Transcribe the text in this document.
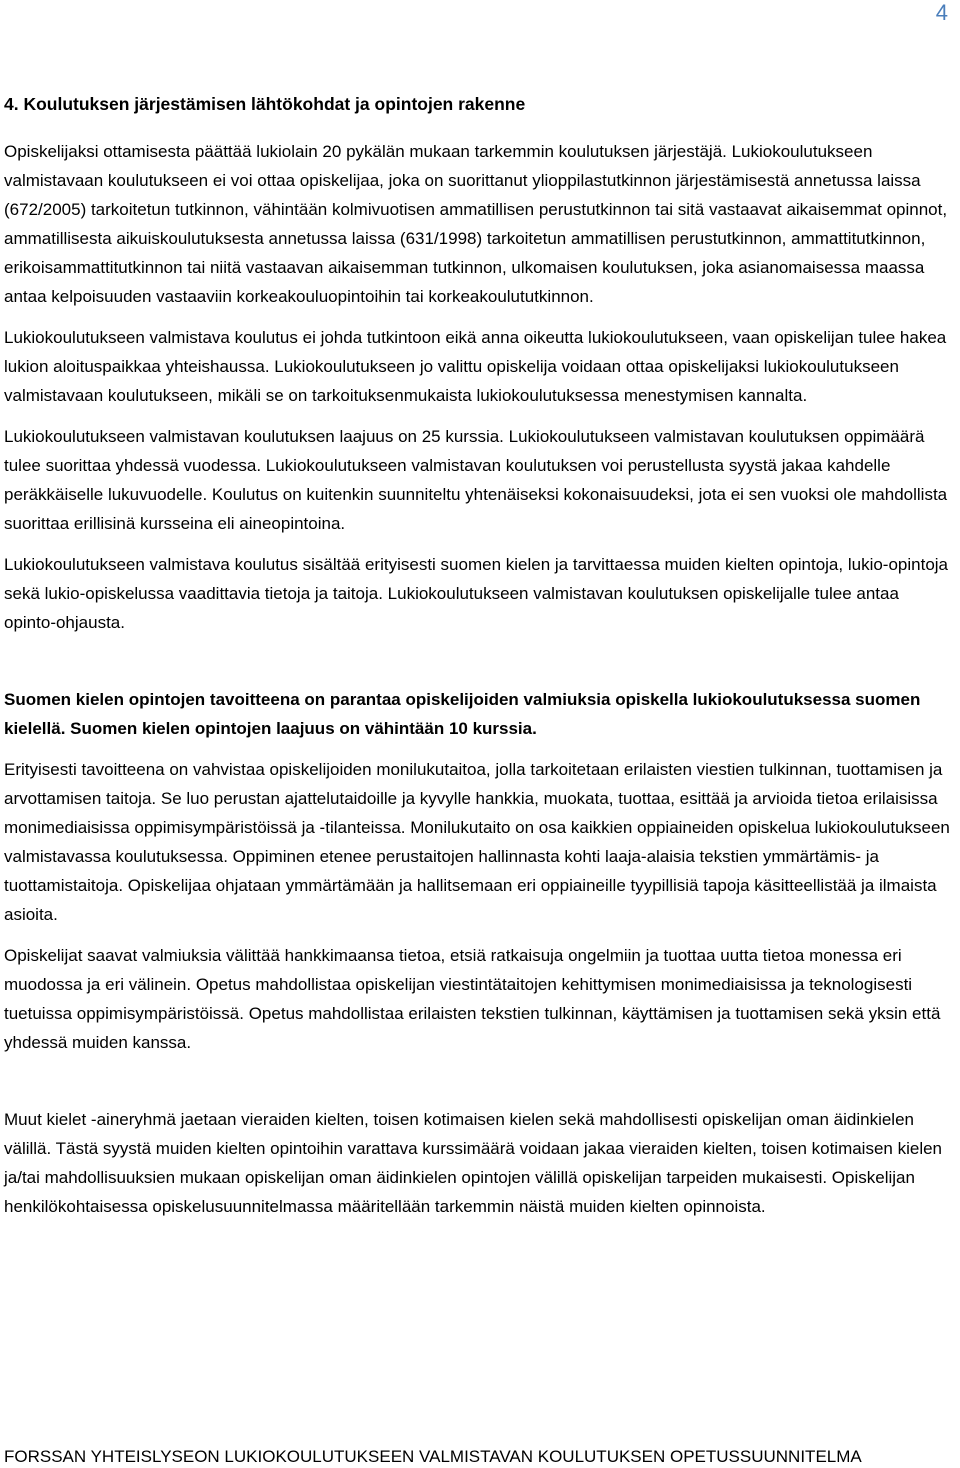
4
4. Koulutuksen järjestämisen lähtökohdat ja opintojen rakenne

Opiskelijaksi ottamisesta päättää lukiolain 20 pykälän mukaan tarkemmin koulutuksen järjestäjä. Lukiokoulutukseen valmistavaan koulutukseen ei voi ottaa opiskelijaa, joka on suorittanut ylioppilastutkinnon järjestämisestä annetussa laissa (672/2005) tarkoitetun tutkinnon, vähintään kolmivuotisen ammatillisen perustutkinnon tai sitä vastaavat aikaisemmat opinnot, ammatillisesta aikuiskoulutuksesta annetussa laissa (631/1998) tarkoitetun ammatillisen perustutkinnon, ammattitutkinnon, erikoisammattitutkinnon tai niitä vastaavan aikaisemman tutkinnon, ulkomaisen koulutuksen, joka asianomaisessa maassa antaa kelpoisuuden vastaaviin korkeakouluopintoihin tai korkeakoulututkinnon.

Lukiokoulutukseen valmistava koulutus ei johda tutkintoon eikä anna oikeutta lukiokoulutukseen, vaan opiskelijan tulee hakea lukion aloituspaikkaa yhteishaussa. Lukiokoulutukseen jo valittu opiskelija voidaan ottaa opiskelijaksi lukiokoulutukseen valmistavaan koulutukseen, mikäli se on tarkoituksenmukaista lukiokoulutuksessa menestymisen kannalta.

Lukiokoulutukseen valmistavan koulutuksen laajuus on 25 kurssia. Lukiokoulutukseen valmistavan koulutuksen oppimäärä tulee suorittaa yhdessä vuodessa. Lukiokoulutukseen valmistavan koulutuksen voi perustellusta syystä jakaa kahdelle peräkkäiselle lukuvuodelle. Koulutus on kuitenkin suunniteltu yhtenäiseksi kokonaisuudeksi, jota ei sen vuoksi ole mahdollista suorittaa erillisinä kursseina eli aineopintoina.

Lukiokoulutukseen valmistava koulutus sisältää erityisesti suomen kielen ja tarvittaessa muiden kielten opintoja, lukio-opintoja sekä lukio-opiskelussa vaadittavia tietoja ja taitoja. Lukiokoulutukseen valmistavan koulutuksen opiskelijalle tulee antaa opinto-ohjausta.

Suomen kielen opintojen tavoitteena on parantaa opiskelijoiden valmiuksia opiskella lukiokoulutuksessa suomen kielellä. Suomen kielen opintojen laajuus on vähintään 10 kurssia.

Erityisesti tavoitteena on vahvistaa opiskelijoiden monilukutaitoa, jolla tarkoitetaan erilaisten viestien tulkinnan, tuottamisen ja arvottamisen taitoja. Se luo perustan ajattelutaidoille ja kyvylle hankkia, muokata, tuottaa, esittää ja arvioida tietoa erilaisissa monimediaisissa oppimisympäristöissä ja -tilanteissa. Monilukutaito on osa kaikkien oppiaineiden opiskelua lukiokoulutukseen valmistavassa koulutuksessa. Oppiminen etenee perustaitojen hallinnasta kohti laaja-alaisia tekstien ymmärtämis- ja tuottamistaitoja. Opiskelijaa ohjataan ymmärtämään ja hallitsemaan eri oppiaineille tyypillisiä tapoja käsitteellistää ja ilmaista asioita.

Opiskelijat saavat valmiuksia välittää hankkimaansa tietoa, etsiä ratkaisuja ongelmiin ja tuottaa uutta tietoa monessa eri muodossa ja eri välinein. Opetus mahdollistaa opiskelijan viestintätaitojen kehittymisen monimediaisissa ja teknologisesti tuetuissa oppimisympäristöissä. Opetus mahdollistaa erilaisten tekstien tulkinnan, käyttämisen ja tuottamisen sekä yksin että yhdessä muiden kanssa.

Muut kielet -aineryhmä jaetaan vieraiden kielten, toisen kotimaisen kielen sekä mahdollisesti opiskelijan oman äidinkielen välillä. Tästä syystä muiden kielten opintoihin varattava kurssimäärä voidaan jakaa vieraiden kielten, toisen kotimaisen kielen ja/tai mahdollisuuksien mukaan opiskelijan oman äidinkielen opintojen välillä opiskelijan tarpeiden mukaisesti. Opiskelijan henkilökohtaisessa opiskelusuunnitelmassa määritellään tarkemmin näistä muiden kielten opinnoista.

FORSSAN YHTEISLYSEON LUKIOKOULUTUKSEEN VALMISTAVAN KOULUTUKSEN OPETUSSUUNNITELMA
